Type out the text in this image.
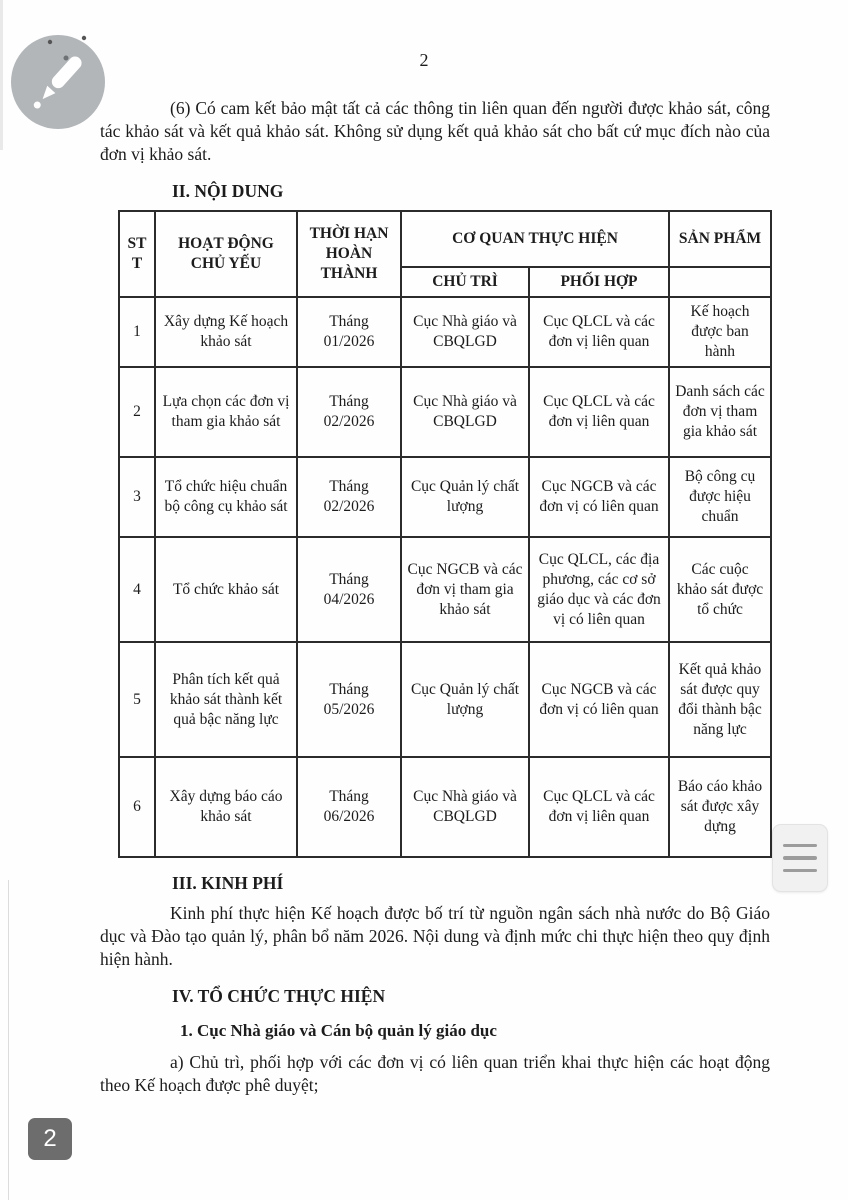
2

(6) Có cam kết bảo mật tất cả các thông tin liên quan đến người được khảo sát, công tác khảo sát và kết quả khảo sát. Không sử dụng kết quả khảo sát cho bất cứ mục đích nào của đơn vị khảo sát.

II. NỘI DUNG
STT	HOẠT ĐỘNG CHỦ YẾU	THỜI HẠN HOÀN THÀNH	CƠ QUAN THỰC HIỆN		SẢN PHẨM
			CHỦ TRÌ	PHỐI HỢP	
1	Xây dựng Kế hoạch khảo sát	Tháng 01/2026	Cục Nhà giáo và CBQLGD	Cục QLCL và các đơn vị liên quan	Kế hoạch được ban hành
2	Lựa chọn các đơn vị tham gia khảo sát	Tháng 02/2026	Cục Nhà giáo và CBQLGD	Cục QLCL và các đơn vị liên quan	Danh sách các đơn vị tham gia khảo sát
3	Tổ chức hiệu chuẩn bộ công cụ khảo sát	Tháng 02/2026	Cục Quản lý chất lượng	Cục NGCB và các đơn vị có liên quan	Bộ công cụ được hiệu chuẩn
4	Tổ chức khảo sát	Tháng 04/2026	Cục NGCB và các đơn vị tham gia khảo sát	Cục QLCL, các địa phương, các cơ sở giáo dục và các đơn vị có liên quan	Các cuộc khảo sát được tổ chức
5	Phân tích kết quả khảo sát thành kết quả bậc năng lực	Tháng 05/2026	Cục Quản lý chất lượng	Cục NGCB và các đơn vị có liên quan	Kết quả khảo sát được quy đổi thành bậc năng lực
6	Xây dựng báo cáo khảo sát	Tháng 06/2026	Cục Nhà giáo và CBQLGD	Cục QLCL và các đơn vị liên quan	Báo cáo khảo sát được xây dựng
III. KINH PHÍ

Kinh phí thực hiện Kế hoạch được bố trí từ nguồn ngân sách nhà nước do Bộ Giáo dục và Đào tạo quản lý, phân bổ năm 2026. Nội dung và định mức chi thực hiện theo quy định hiện hành.

IV. TỔ CHỨC THỰC HIỆN
1. Cục Nhà giáo và Cán bộ quản lý giáo dục

a) Chủ trì, phối hợp với các đơn vị có liên quan triển khai thực hiện các hoạt động theo Kế hoạch được phê duyệt;

2
